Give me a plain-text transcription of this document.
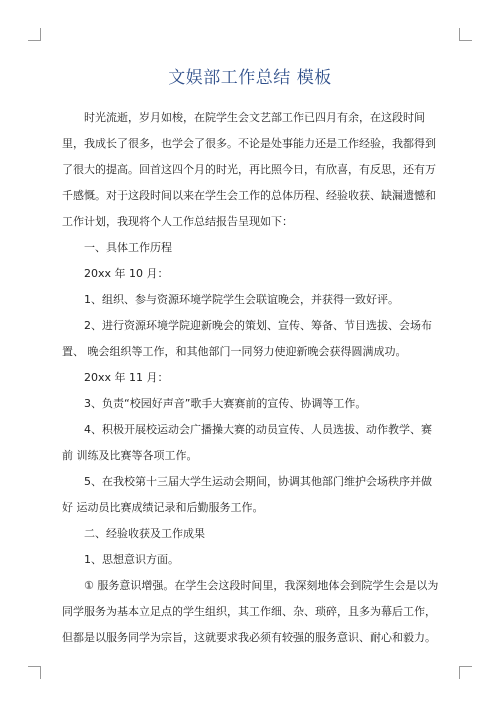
文娱部工作总结 模板

时光流逝，岁月如梭，在院学生会文艺部工作已四月有余，在这段时间里，我成长了很多，也学会了很多。不论是处事能力还是工作经验，我都得到了很大的提高。回首这四个月的时光，再比照今日，有欣喜，有反思，还有万千感慨。对于这段时间以来在学生会工作的总体历程、经验收获、缺漏遗憾和工作计划，我现将个人工作总结报告呈现如下：

一、具体工作历程

20xx 年 10 月：

1、组织、参与资源环境学院学生会联谊晚会，并获得一致好评。

2、进行资源环境学院迎新晚会的策划、宣传、筹备、节目选拔、会场布置、 晚会组织等工作，和其他部门一同努力使迎新晚会获得圆满成功。

20xx 年 11 月：

3、负责“校园好声音”歌手大赛赛前的宣传、协调等工作。

4、积极开展校运动会广播操大赛的动员宣传、人员选拔、动作教学、赛前 训练及比赛等各项工作。

5、在我校第十三届大学生运动会期间，协调其他部门维护会场秩序并做好 运动员比赛成绩记录和后勤服务工作。

二、经验收获及工作成果

1、思想意识方面。

① 服务意识增强。在学生会这段时间里，我深刻地体会到院学生会是以为同学服务为基本立足点的学生组织，其工作细、杂、琐碎，且多为幕后工作，但都是以服务同学为宗旨，这就要求我必须有较强的服务意识、耐心和毅力。
